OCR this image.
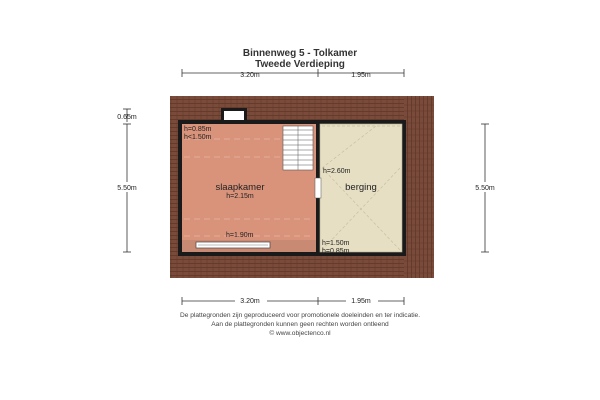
Binnenweg 5 - Tolkamer
Tweede Verdieping
3.20m	1.95m
0.65m
5.50m	5.50m
slaapkamer
h=2.15m
berging
h=2.60m
h=0.85m
h<1.50m
h=1.90m
h=1.50m
h=0.85m
3.20m	1.95m
De plattegronden zijn geproduceerd voor promotionele doeleinden en ter indicatie.
Aan de plattegronden kunnen geen rechten worden ontleend
© www.objectenco.nl
